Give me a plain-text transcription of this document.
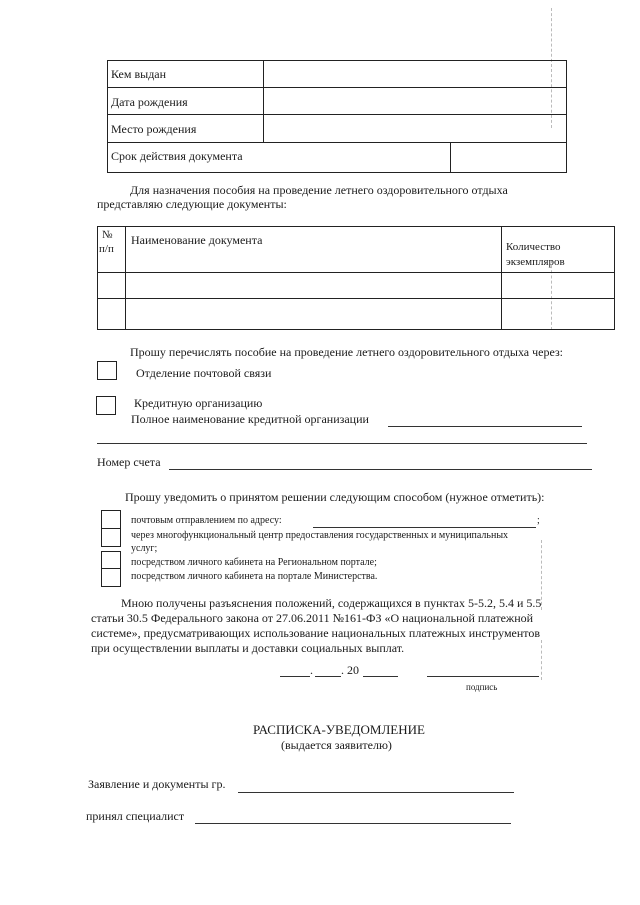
Кем выдан
Дата рождения
Место рождения
Срок действия документа
Для назначения пособия на проведение летнего оздоровительного отдыха
представляю следующие документы:
№
п/п
Наименование документа	Количество
экземпляров
Прошу перечислять пособие на проведение летнего оздоровительного отдыха через:
Отделение почтовой связи
Кредитную организацию
Полное наименование кредитной организации
Номер счета
Прошу уведомить о принятом решении следующим способом (нужное отметить):
почтовым отправлением по адресу:	;
через многофункциональный центр предоставления государственных и муниципальных
услуг;
посредством личного кабинета на Региональном портале;
посредством личного кабинета на портале Министерства.
Мною получены разъяснения положений, содержащихся в пунктах 5-5.2, 5.4 и 5.5
статьи 30.5 Федерального закона от 27.06.2011 №161-ФЗ «О национальной платежной
системе», предусматривающих использование национальных платежных инструментов
при осуществлении выплаты и доставки социальных выплат.
. . 20
подпись
РАСПИСКА-УВЕДОМЛЕНИЕ
(выдается заявителю)
Заявление и документы гр.
принял специалист
